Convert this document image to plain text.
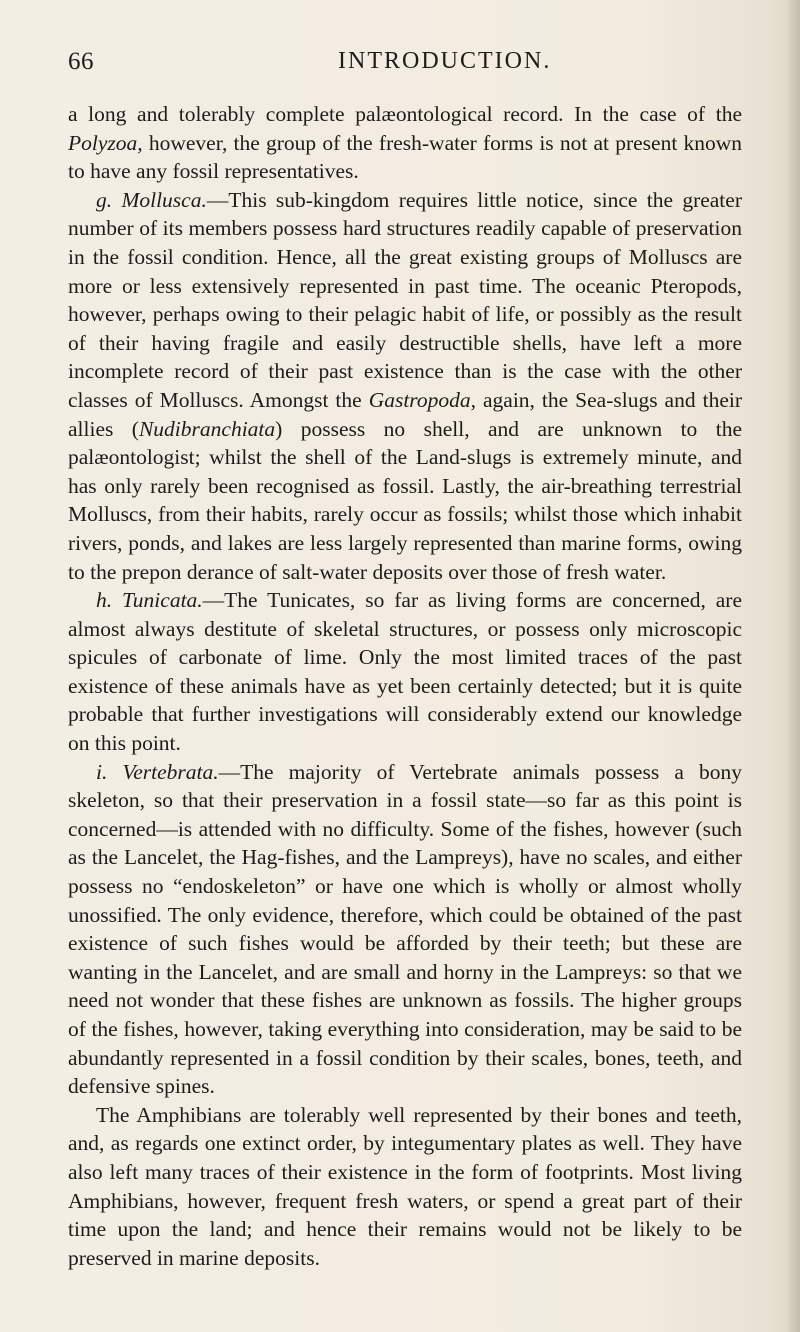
66	INTRODUCTION.

a long and tolerably complete palæontological record. In the case of the Polyzoa, however, the group of the fresh-water forms is not at present known to have any fossil representatives.

g. Mollusca.—This sub-kingdom requires little notice, since the greater number of its members possess hard structures readily capable of preservation in the fossil condition. Hence, all the great existing groups of Molluscs are more or less extensively represented in past time. The oceanic Pteropods, however, perhaps owing to their pelagic habit of life, or possibly as the result of their having fragile and easily destructible shells, have left a more incomplete record of their past existence than is the case with the other classes of Molluscs. Amongst the Gastropoda, again, the Sea-slugs and their allies (Nudibranchiata) possess no shell, and are unknown to the palæontologist; whilst the shell of the Land-slugs is extremely minute, and has only rarely been recognised as fossil. Lastly, the air-breathing terrestrial Molluscs, from their habits, rarely occur as fossils; whilst those which inhabit rivers, ponds, and lakes are less largely represented than marine forms, owing to the prepon derance of salt-water deposits over those of fresh water.

h. Tunicata.—The Tunicates, so far as living forms are concerned, are almost always destitute of skeletal structures, or possess only microscopic spicules of carbonate of lime. Only the most limited traces of the past existence of these animals have as yet been certainly detected; but it is quite probable that further investigations will considerably extend our knowledge on this point.

i. Vertebrata.—The majority of Vertebrate animals possess a bony skeleton, so that their preservation in a fossil state—so far as this point is concerned—is attended with no difficulty. Some of the fishes, however (such as the Lancelet, the Hag-fishes, and the Lampreys), have no scales, and either possess no “endoskeleton” or have one which is wholly or almost wholly unossified. The only evidence, therefore, which could be obtained of the past existence of such fishes would be afforded by their teeth; but these are wanting in the Lancelet, and are small and horny in the Lampreys: so that we need not wonder that these fishes are unknown as fossils. The higher groups of the fishes, however, taking everything into consideration, may be said to be abundantly represented in a fossil condition by their scales, bones, teeth, and defensive spines.

The Amphibians are tolerably well represented by their bones and teeth, and, as regards one extinct order, by integumentary plates as well. They have also left many traces of their existence in the form of footprints. Most living Amphibians, however, frequent fresh waters, or spend a great part of their time upon the land; and hence their remains would not be likely to be preserved in marine deposits.
